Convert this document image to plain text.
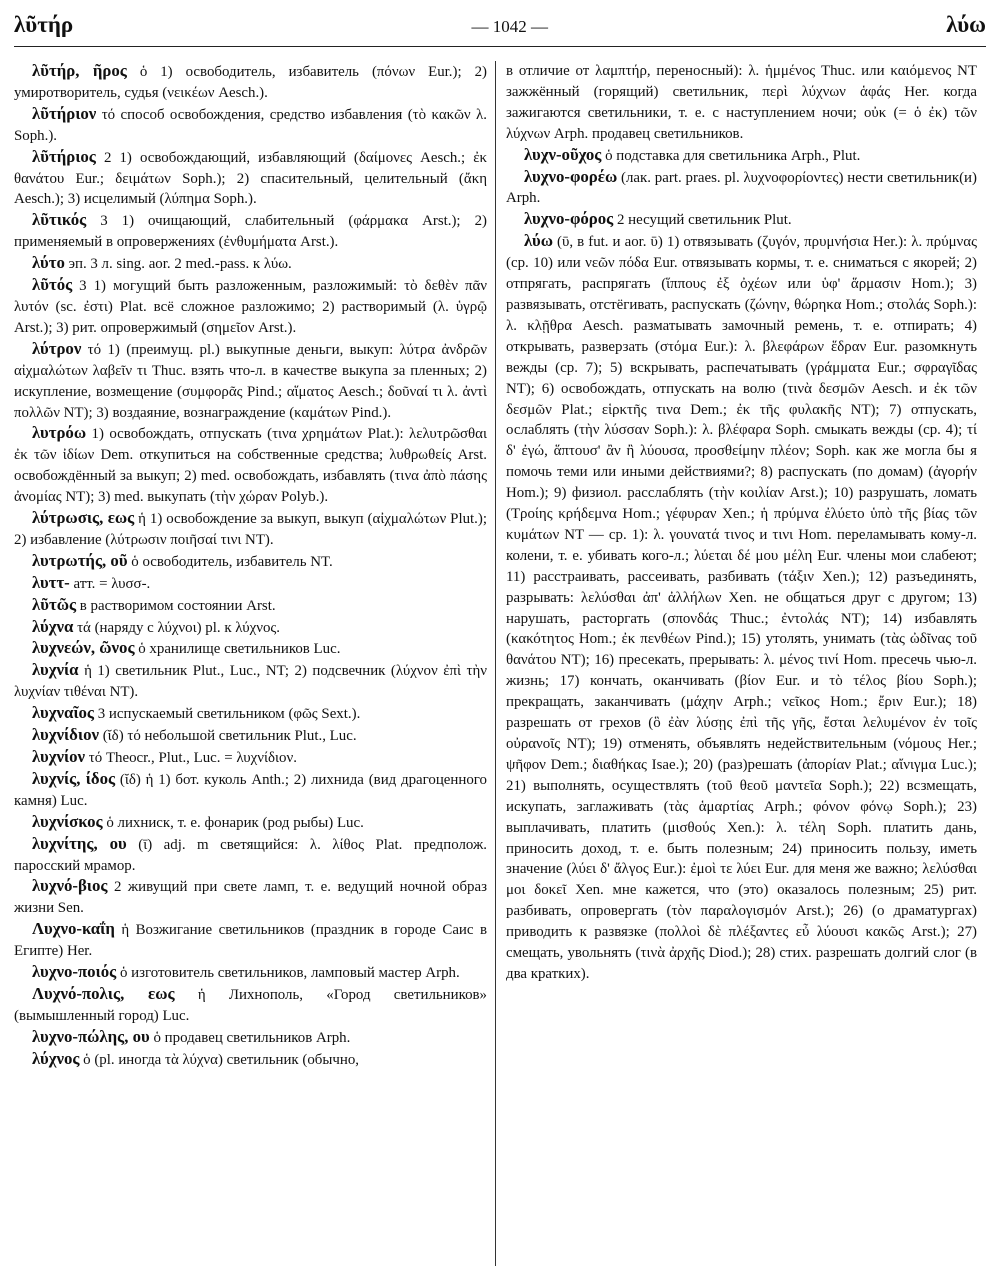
λῦτήρ	— 1042 —	λύω

λῦτήρ, ῆρος ὁ 1) освободитель, избавитель (πόνων Eur.); 2) умиротворитель, судья (νεικέων Aesch.).

λῦτήριον τό способ освобождения, средство избавления (τὸ κακῶν λ. Soph.).

λῦτήριος 2 1) освобождающий, избавляющий (δαίμονες Aesch.; ἐκ θανάτου Eur.; δειμάτων Soph.); 2) спасительный, целительный (ἄκη Aesch.); 3) исцелимый (λύπημα Soph.).

λῦτικός 3 1) очищающий, слабительный (φάρμακα Arst.); 2) применяемый в опровержениях (ἐνθυμήματα Arst.).

λύτο эп. 3 л. sing. aor. 2 med.-pass. к λύω.

λῦτός 3 1) могущий быть разложенным, разложимый: τὸ δεθὲν πᾶν λυτόν (sc. ἐστι) Plat. всё сложное разложимо; 2) растворимый (λ. ὑγρῷ Arst.); 3) рит. опровержимый (σημεῖον Arst.).

λύτρον τό 1) (преимущ. pl.) выкупные деньги, выкуп: λύτρα ἀνδρῶν αἰχμαλώτων λαβεῖν τι Thuc. взять что-л. в качестве выкупа за пленных; 2) искупление, возмещение (συμφορᾶς Pind.; αἵματος Aesch.; δοῦναί τι λ. ἀντὶ πολλῶν NT); 3) воздаяние, вознаграждение (καμάτων Pind.).

λυτρόω 1) освобождать, отпускать (τινα χρημάτων Plat.): λελυτρῶσθαι ἐκ τῶν ἰδίων Dem. откупиться на собственные средства; λυθρωθείς Arst. освобождённый за выкуп; 2) med. освобождать, избавлять (τινα ἀπὸ πάσης ἀνομίας NT); 3) med. выкупать (τὴν χώραν Polyb.).

λύτρωσις, εως ἡ 1) освобождение за выкуп, выкуп (αἰχμαλώτων Plut.); 2) избавление (λύτρωσιν ποιῆσαί τινι NT).

λυτρωτής, οῦ ὁ освободитель, избавитель NT.

λυττ- атт. = λυσσ-.

λῦτῶς в растворимом состоянии Arst.

λύχνα τά (наряду с λύχνοι) pl. к λύχνος.

λυχνεών, ῶνος ὁ хранилище светильников Luc.

λυχνία ἡ 1) светильник Plut., Luc., NT; 2) подсвечник (λύχνον ἐπὶ τὴν λυχνίαν τιθέναι NT).

λυχναῖος 3 испускаемый светильником (φῶς Sext.).

λυχνίδιον (ῐδ) τό небольшой светильник Plut., Luc.

λυχνίον τό Theocr., Plut., Luc. = λυχνίδιον.

λυχνίς, ίδος (ῐδ) ἡ 1) бот. куколь Anth.; 2) лихнида (вид драгоценного камня) Luc.

λυχνίσκος ὁ лихниск, т. е. фонарик (род рыбы) Luc.

λυχνίτης, ου (ῑ) adj. m светящийся: λ. λίθος Plat. предполож. паросский мрамор.

λυχνό-βιος 2 живущий при свете ламп, т. е. ведущий ночной образ жизни Sen.

Λυχνο-καΐη ἡ Возжигание светильников (праздник в городе Саис в Египте) Her.

λυχνο-ποιός ὁ изготовитель светильников, ламповый мастер Arph.

Λυχνό-πολις, εως ἡ Лихнополь, «Город светильников» (вымышленный город) Luc.

λυχνο-πώλης, ου ὁ продавец светильников Arph.

λύχνος ὁ (pl. иногда τὰ λύχνα) светильник (обычно,

в отличие от λαμπτήρ, переносный): λ. ἡμμένος Thuc. или καιόμενος NT зажжённый (горящий) светильник, περὶ λύχνων ἁφάς Her. когда зажигаются светильники, т. е. с наступлением ночи; οὐκ (= ὁ ἐκ) τῶν λύχνων Arph. продавец светильников.

λυχν-οῦχος ὁ подставка для светильника Arph., Plut.

λυχνο-φορέω (лак. part. praes. pl. λυχνοφορίοντες) нести светильник(и) Arph.

λυχνο-φόρος 2 несущий светильник Plut.

λύω (ῡ, в fut. и aor. ῡ) 1) отвязывать (ζυγόν, πρυμνήσια Her.): λ. πρύμνας (ср. 10) или νεῶν πόδα Eur. отвязывать кормы, т. е. сниматься с якорей; 2) отпрягать, распрягать (ἵππους ἐξ ὀχέων или ὑφ' ἅρμασιν Hom.); 3) развязывать, отстёгивать, распускать (ζώνην, θώρηκα Hom.; στολάς Soph.): λ. κλῇθρα Aesch. разматывать замочный ремень, т. е. отпирать; 4) открывать, разверзать (στόμα Eur.): λ. βλεφάρων ἕδραν Eur. разомкнуть вежды (ср. 7); 5) вскрывать, распечатывать (γράμματα Eur.; σφραγῖδας NT); 6) освобождать, отпускать на волю (τινὰ δεσμῶν Aesch. и ἐκ τῶν δεσμῶν Plat.; εἱρκτῆς τινα Dem.; ἐκ τῆς φυλακῆς NT); 7) отпускать, ослаблять (τὴν λύσσαν Soph.): λ. βλέφαρα Soph. смыкать вежды (ср. 4); τί δ' ἐγώ, ἅπτουσ' ἂν ἢ λύουσα, προσθείμην πλέον; Soph. как же могла бы я помочь теми или иными действиями?; 8) распускать (по домам) (ἀγορήν Hom.); 9) физиол. расслаблять (τὴν κοιλίαν Arst.); 10) разрушать, ломать (Τροίης κρήδεμνα Hom.; γέφυραν Xen.; ἡ πρύμνα ἐλύετο ὑπὸ τῆς βίας τῶν κυμάτων NT — ср. 1): λ. γουνατά τινος и τινι Hom. переламывать кому-л. колени, т. е. убивать кого-л.; λύεται δέ μου μέλη Eur. члены мои слабеют; 11) расстраивать, рассеивать, разбивать (τάξιν Xen.); 12) разъединять, разрывать: λελύσθαι ἀπ' ἀλλήλων Xen. не общаться друг с другом; 13) нарушать, расторгать (σπονδάς Thuc.; ἐντολάς NT); 14) избавлять (κακότητος Hom.; ἐκ πενθέων Pind.); 15) утолять, унимать (τὰς ὠδῖνας τοῦ θανάτου NT); 16) пресекать, прерывать: λ. μένος τινί Hom. пресечь чью-л. жизнь; 17) кончать, оканчивать (βίον Eur. и τὸ τέλος βίου Soph.); прекращать, заканчивать (μάχην Arph.; νεῖκος Hom.; ἔριν Eur.); 18) разрешать от грехов (ὃ ἐὰν λύσῃς ἐπὶ τῆς γῆς, ἔσται λελυμένον ἐν τοῖς οὐρανοῖς NT); 19) отменять, объявлять недействительным (νόμους Her.; ψῆφον Dem.; διαθήκας Isae.); 20) (раз)решать (ἀπορίαν Plat.; αἴνιγμα Luc.); 21) выполнять, осуществлять (τοῦ θεοῦ μαντεῖα Soph.); 22) всзмещать, искупать, заглаживать (τὰς ἁμαρτίας Arph.; φόνον φόνῳ Soph.); 23) выплачивать, платить (μισθούς Xen.): λ. τέλη Soph. платить дань, приносить доход, т. е. быть полезным; 24) приносить пользу, иметь значение (λύει δ' ἄλγος Eur.): ἐμοὶ τε λύει Eur. для меня же важно; λελύσθαι μοι δοκεῖ Xen. мне кажется, что (это) оказалось полезным; 25) рит. разбивать, опровергать (τὸν παραλογισμόν Arst.); 26) (о драматургах) приводить к развязке (πολλοὶ δὲ πλέξαντες εὖ λύουσι κακῶς Arst.); 27) смещать, увольнять (τινὰ ἀρχῆς Diod.); 28) стих. разрешать долгий слог (в два кратких).
